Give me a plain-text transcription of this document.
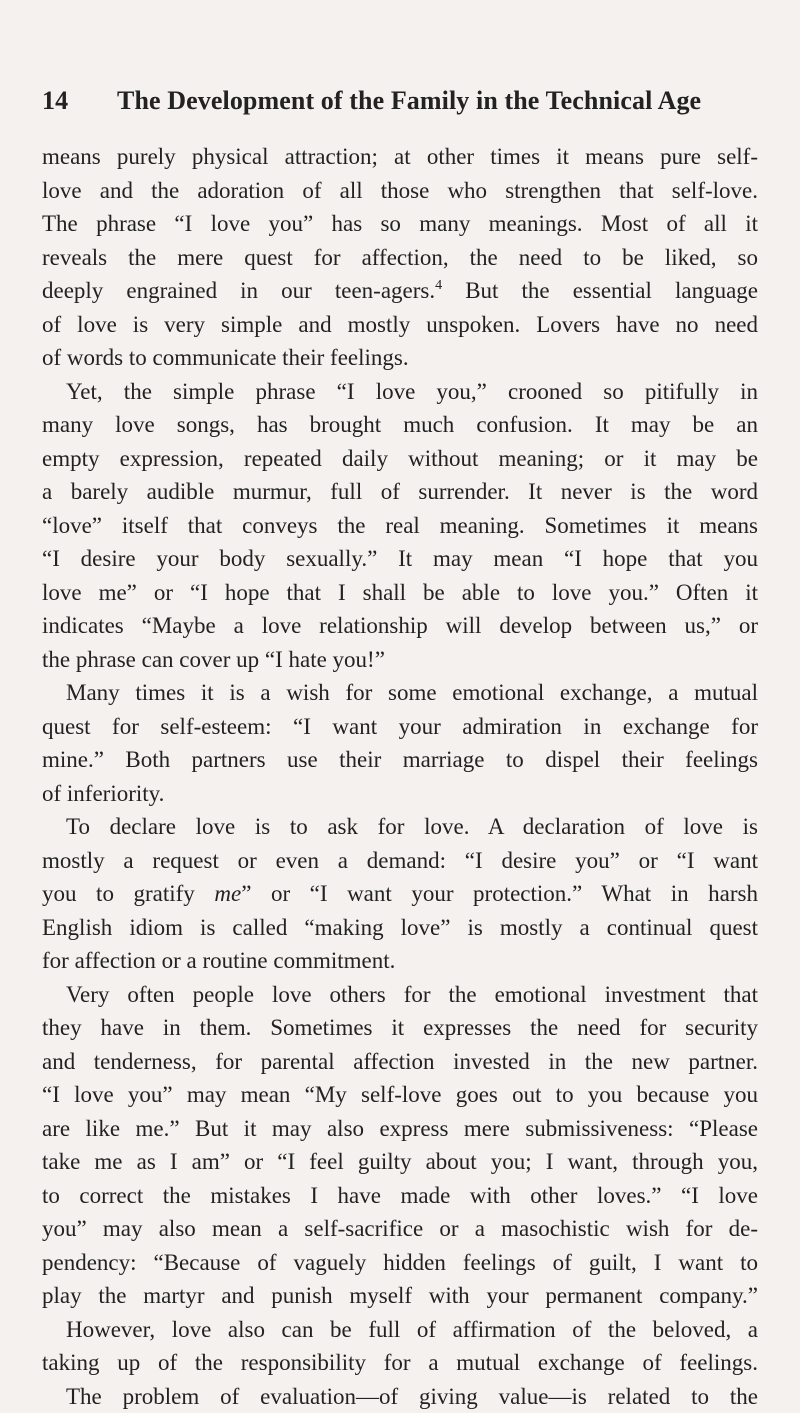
14 The Development of the Family in the Technical Age
means purely physical attraction; at other times it means pure self-
love and the adoration of all those who strengthen that self-love.
The phrase “I love you” has so many meanings. Most of all it
reveals the mere quest for affection, the need to be liked, so
deeply engrained in our teen-agers.$^4$ But the essential language
of love is very simple and mostly unspoken. Lovers have no need
of words to communicate their feelings.
Yet, the simple phrase “I love you,” crooned so pitifully in
many love songs, has brought much confusion. It may be an
empty expression, repeated daily without meaning; or it may be
a barely audible murmur, full of surrender. It never is the word
“love” itself that conveys the real meaning. Sometimes it means
“I desire your body sexually.” It may mean “I hope that you
love me” or “I hope that I shall be able to love you.” Often it
indicates “Maybe a love relationship will develop between us,” or
the phrase can cover up “I hate you!”
Many times it is a wish for some emotional exchange, a mutual
quest for self-esteem: “I want your admiration in exchange for
mine.” Both partners use their marriage to dispel their feelings
of inferiority.
To declare love is to ask for love. A declaration of love is
mostly a request or even a demand: “I desire you” or “I want
you to gratify me” or “I want your protection.” What in harsh
English idiom is called “making love” is mostly a continual quest
for affection or a routine commitment.
Very often people love others for the emotional investment that
they have in them. Sometimes it expresses the need for security
and tenderness, for parental affection invested in the new partner.
“I love you” may mean “My self-love goes out to you because you
are like me.” But it may also express mere submissiveness: “Please
take me as I am” or “I feel guilty about you; I want, through you,
to correct the mistakes I have made with other loves.” “I love
you” may also mean a self-sacrifice or a masochistic wish for de-
pendency: “Because of vaguely hidden feelings of guilt, I want to
play the martyr and punish myself with your permanent company.”
However, love also can be full of affirmation of the beloved, a
taking up of the responsibility for a mutual exchange of feelings.
The problem of evaluation—of giving value—is related to the
